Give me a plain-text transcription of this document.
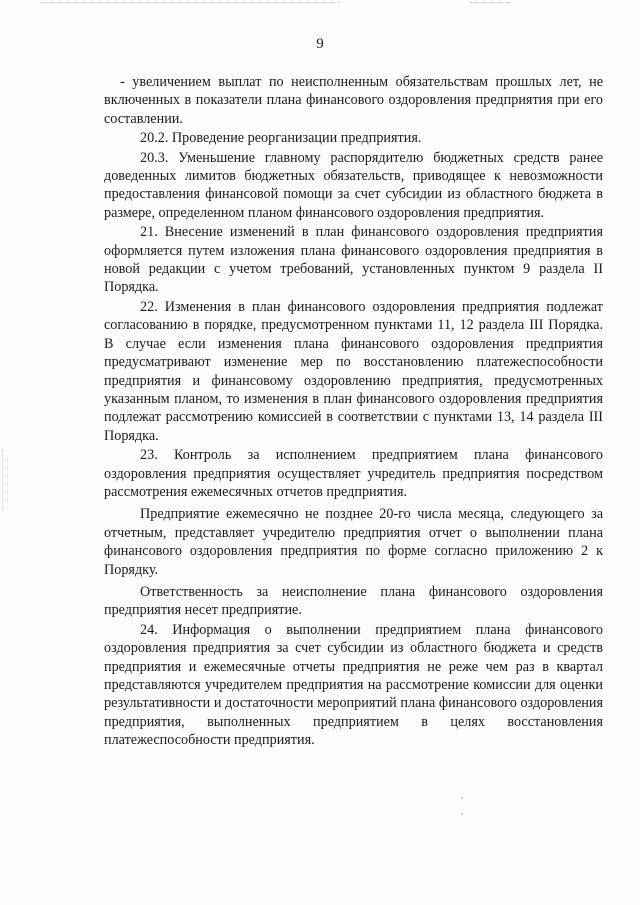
9

- увеличением выплат по неисполненным обязательствам прошлых лет, не включенных в показатели плана финансового оздоровления предприятия при его составлении.

20.2. Проведение реорганизации предприятия.

20.3. Уменьшение главному распорядителю бюджетных средств ранее доведенных лимитов бюджетных обязательств, приводящее к невозможности предоставления финансовой помощи за счет субсидии из областного бюджета в размере, определенном планом финансового оздоровления предприятия.

21. Внесение изменений в план финансового оздоровления предприятия оформляется путем изложения плана финансового оздоровления предприятия в новой редакции с учетом требований, установленных пунктом 9 раздела II Порядка.

22. Изменения в план финансового оздоровления предприятия подлежат согласованию в порядке, предусмотренном пунктами 11, 12 раздела III Порядка. В случае если изменения плана финансового оздоровления предприятия предусматривают изменение мер по восстановлению платежеспособности предприятия и финансовому оздоровлению предприятия, предусмотренных указанным планом, то изменения в план финансового оздоровления предприятия подлежат рассмотрению комиссией в соответствии с пунктами 13, 14 раздела III Порядка.

23. Контроль за исполнением предприятием плана финансового оздоровления предприятия осуществляет учредитель предприятия посредством рассмотрения ежемесячных отчетов предприятия.

Предприятие ежемесячно не позднее 20-го числа месяца, следующего за отчетным, представляет учредителю предприятия отчет о выполнении плана финансового оздоровления предприятия по форме согласно приложению 2 к Порядку.

Ответственность за неисполнение плана финансового оздоровления предприятия несет предприятие.

24. Информация о выполнении предприятием плана финансового оздоровления предприятия за счет субсидии из областного бюджета и средств предприятия и ежемесячные отчеты предприятия не реже чем раз в квартал представляются учредителем предприятия на рассмотрение комиссии для оценки результативности и достаточности мероприятий плана финансового оздоровления предприятия, выполненных предприятием в целях восстановления платежеспособности предприятия.
